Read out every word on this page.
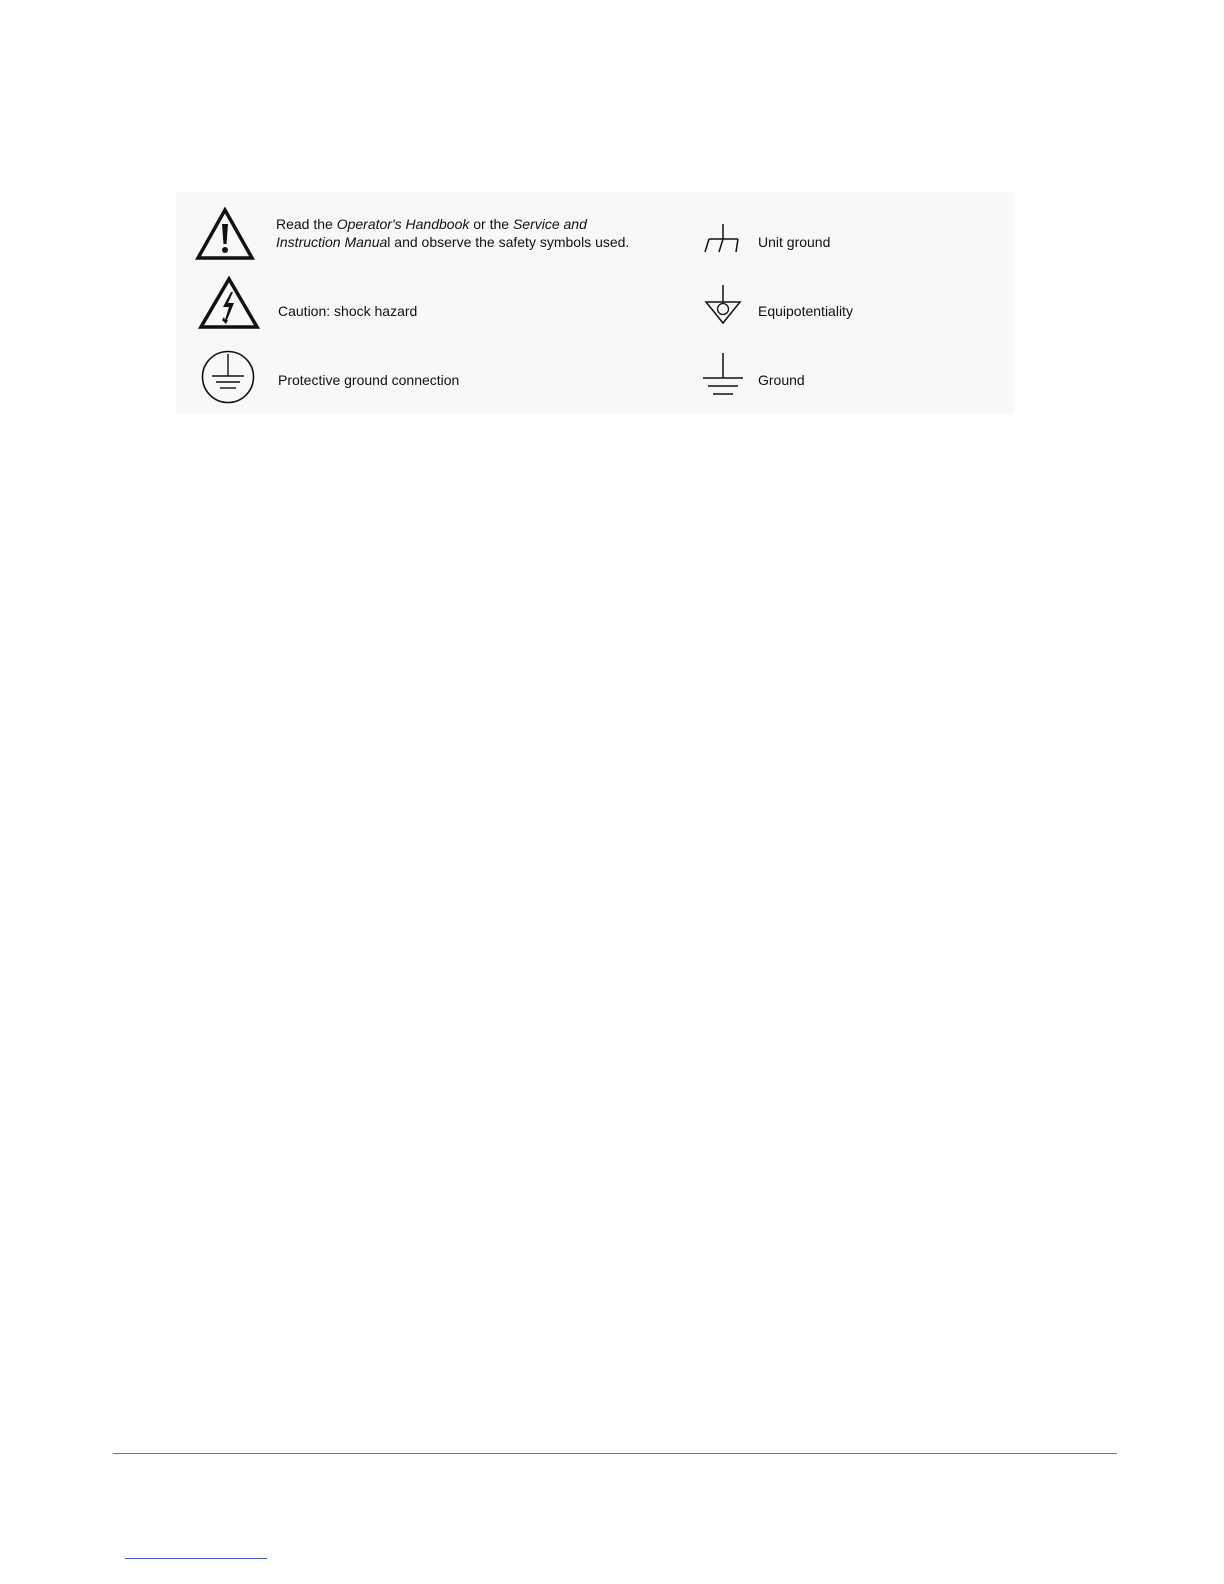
Read the Operator's Handbook or the Service and
Instruction Manual and observe the safety symbols used.	Unit ground
Caution: shock hazard	Equipotentiality
Protective ground connection	Ground
